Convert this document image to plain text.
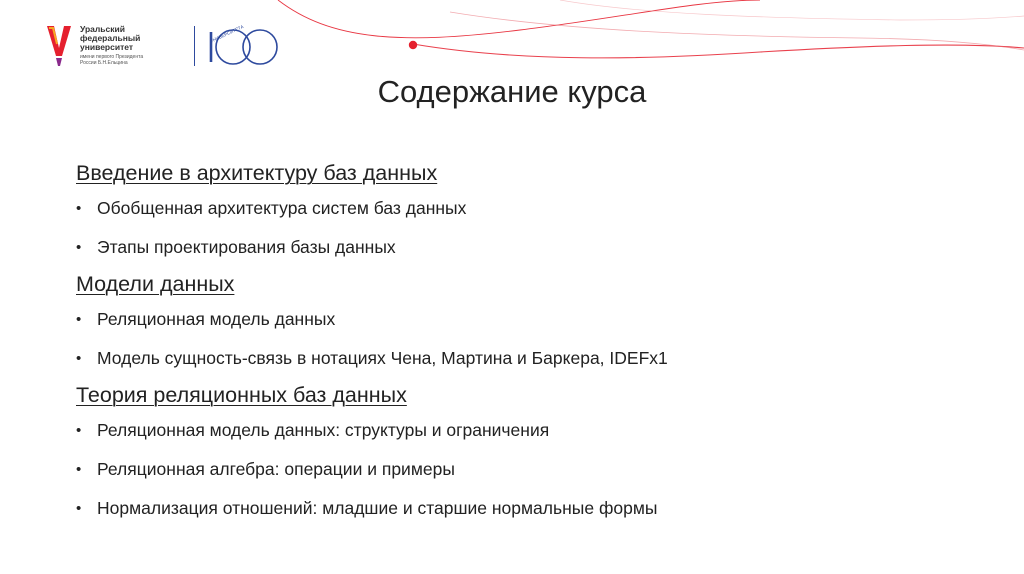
Уральский
федеральный
университет
имени первого Президента
России Б.Н.Ельцина
УНИВЕРСИТЕТА
Содержание курса
Введение в архитектуру баз данных
• Обобщенная архитектура систем баз данных
• Этапы проектирования базы данных
Модели данных
• Реляционная модель данных
• Модель сущность-связь в нотациях Чена, Мартина и Баркера, IDEFx1
Теория реляционных баз данных
• Реляционная модель данных: структуры и ограничения
• Реляционная алгебра: операции и примеры
• Нормализация отношений: младшие и старшие нормальные формы
